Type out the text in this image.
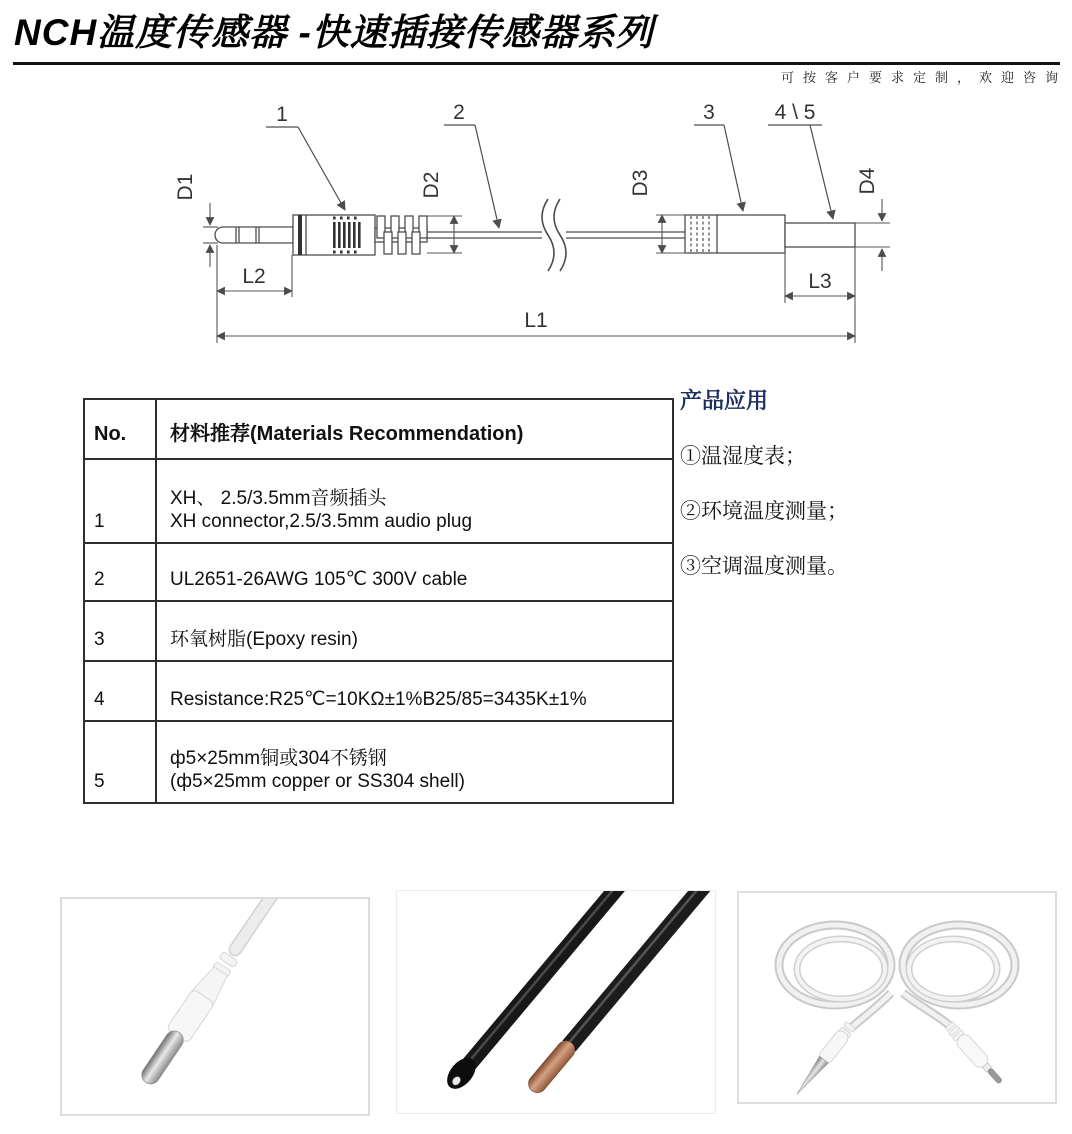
NCH温度传感器 -快速插接传感器系列
可按客户要求定制，欢迎咨询
1	2	3	4 \ 5
D1	D2	D3	D4
L1
L2	L3
No.	材料推荐(Materials Recommendation)
1	XH、 2.5/3.5mm音频插头
XH connector,2.5/3.5mm audio plug

2	UL2651-26AWG 105℃ 300V cable

3	环氧树脂(Epoxy resin)

4	Resistance:R25℃=10KΩ±1%B25/85=3435K±1%

5	ф5×25mm铜或304不锈钢
(ф5×25mm copper or SS304 shell)
产品应用
①温湿度表；
②环境温度测量；
③空调温度测量。
